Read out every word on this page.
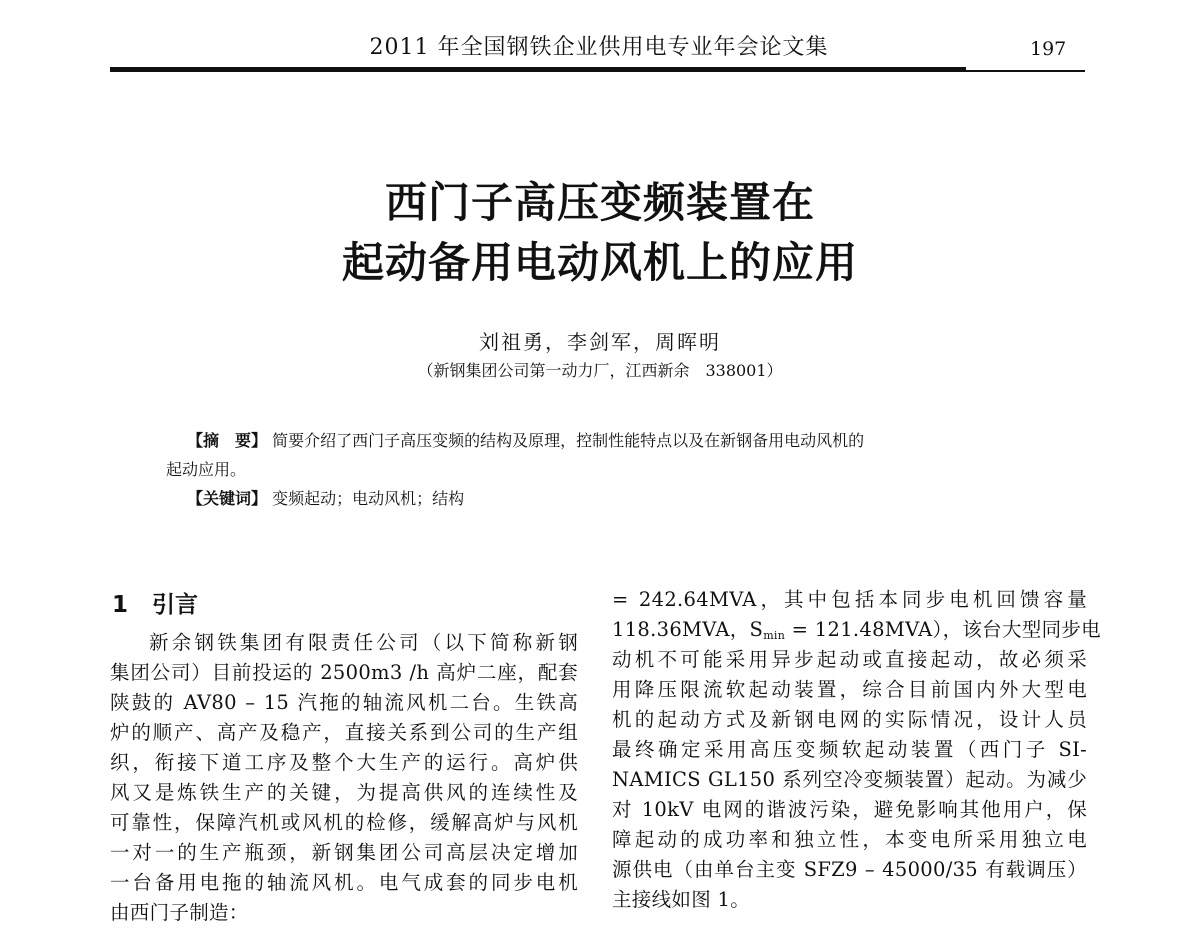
2011 年全国钢铁企业供用电专业年会论文集	197
西门子高压变频装置在
起动备用电动风机上的应用
刘祖勇，李剑军，周晖明
（新钢集团公司第一动力厂，江西新余　338001）
【摘　要】 简要介绍了西门子高压变频的结构及原理，控制性能特点以及在新钢备用电动风机的
起动应用。
【关键词】 变频起动；电动风机；结构
1 引言
新余钢铁集团有限责任公司（以下简称新钢
集团公司）目前投运的 2500m3 /h 高炉二座，配套
陕鼓的 AV80 – 15 汽拖的轴流风机二台。生铁高
炉的顺产、高产及稳产，直接关系到公司的生产组
织，衔接下道工序及整个大生产的运行。高炉供
风又是炼铁生产的关键，为提高供风的连续性及
可靠性，保障汽机或风机的检修，缓解高炉与风机
一对一的生产瓶颈，新钢集团公司高层决定增加
一台备用电拖的轴流风机。电气成套的同步电机
由西门子制造：
= 242.64MVA，其中包括本同步电机回馈容量
118.36MVA，$S_{min} = 121.48MVA$），该台大型同步电
动机不可能采用异步起动或直接起动，故必须采
用降压限流软起动装置，综合目前国内外大型电
机的起动方式及新钢电网的实际情况，设计人员
最终确定采用高压变频软起动装置（西门子 SI-
NAMICS GL150 系列空冷变频装置）起动。为减少
对 10kV 电网的谐波污染，避免影响其他用户，保
障起动的成功率和独立性，本变电所采用独立电
源供电（由单台主变 SFZ9 – 45000/35 有载调压）
主接线如图 1。
